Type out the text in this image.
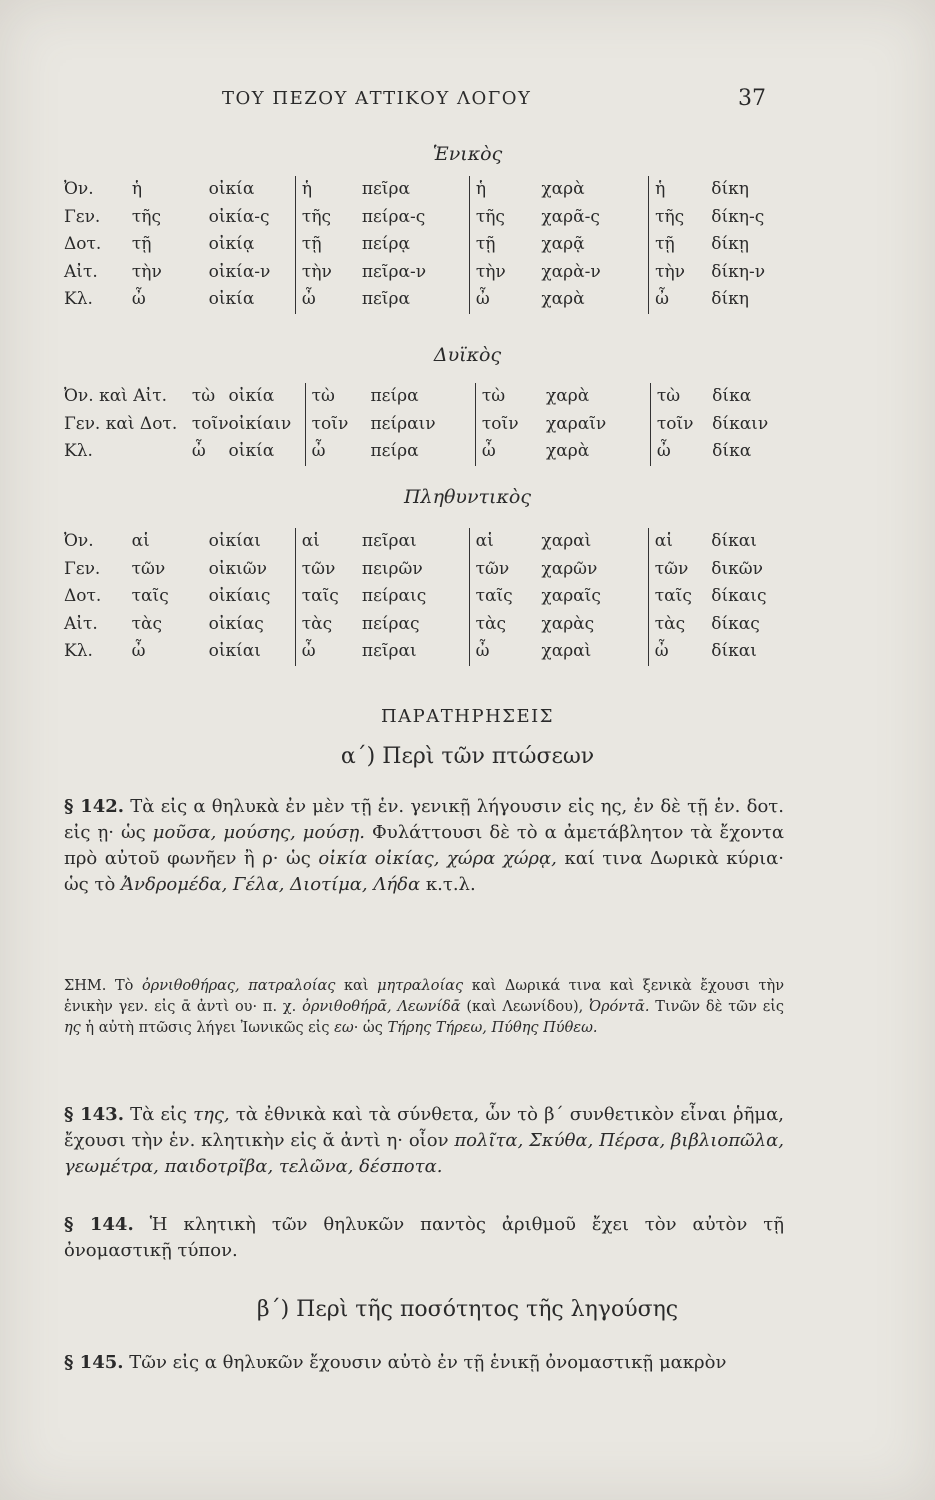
ΤΟΥ ΠΕΖΟΥ ΑΤΤΙΚΟΥ ΛΟΓΟΥ	37
Ἑνικὸς
Ὀν.	ἡ	οἰκία	ἡ	πεῖρα	ἡ	χαρὰ	ἡ	δίκη
Γεν.	τῆς	οἰκία-ς	τῆς	πείρα-ς	τῆς	χαρᾶ-ς	τῆς	δίκη-ς
Δοτ.	τῇ	οἰκίᾳ	τῇ	πείρᾳ	τῇ	χαρᾷ	τῇ	δίκῃ
Αἰτ.	τὴν	οἰκία-ν	τὴν	πεῖρα-ν	τὴν	χαρὰ-ν	τὴν	δίκη-ν
Κλ.	ὦ	οἰκία	ὦ	πεῖρα	ὦ	χαρὰ	ὦ	δίκη
Δυϊκὸς
Ὀν. καὶ Αἰτ.	τὼ	οἰκία	τὼ	πείρα	τὼ	χαρὰ	τὼ	δίκα
Γεν. καὶ Δοτ.	τοῖν	οἰκίαιν	τοῖν	πείραιν	τοῖν	χαραῖν	τοῖν	δίκαιν
Κλ.	ὦ	οἰκία	ὦ	πείρα	ὦ	χαρὰ	ὦ	δίκα
Πληθυντικὸς
Ὀν.	αἱ	οἰκίαι	αἱ	πεῖραι	αἱ	χαραὶ	αἱ	δίκαι
Γεν.	τῶν	οἰκιῶν	τῶν	πειρῶν	τῶν	χαρῶν	τῶν	δικῶν
Δοτ.	ταῖς	οἰκίαις	ταῖς	πείραις	ταῖς	χαραῖς	ταῖς	δίκαις
Αἰτ.	τὰς	οἰκίας	τὰς	πείρας	τὰς	χαρὰς	τὰς	δίκας
Κλ.	ὦ	οἰκίαι	ὦ	πεῖραι	ὦ	χαραὶ	ὦ	δίκαι
ΠΑΡΑΤΗΡΗΣΕΙΣ
α΄) Περὶ τῶν πτώσεων
§ 142. Τὰ εἰς α θηλυκὰ ἐν μὲν τῇ ἑν. γενικῇ λήγουσιν εἰς ης, ἐν δὲ τῇ ἑν. δοτ. εἰς ῃ· ὡς μοῦσα, μούσης, μούσῃ. Φυλάττουσι δὲ τὸ α ἀμετάβλητον τὰ ἔχοντα πρὸ αὐτοῦ φωνῆεν ἢ ρ· ὡς οἰκία οἰκίας, χώρα χώρᾳ, καί τινα Δωρικὰ κύρια· ὡς τὸ Ἀνδρομέδα, Γέλα, Διοτίμα, Λήδα κ.τ.λ.
ΣΗΜ. Τὸ ὀρνιθοθήρας, πατραλοίας καὶ μητραλοίας καὶ Δωρικά τινα καὶ ξενικὰ ἔχουσι τὴν ἑνικὴν γεν. εἰς ᾱ ἀντὶ ου· π. χ. ὀρνιθοθήρᾱ, Λεωνίδᾱ (καὶ Λεωνίδου), Ὀρόντᾱ. Τινῶν δὲ τῶν εἰς ης ἡ αὐτὴ πτῶσις λήγει Ἰωνικῶς εἰς εω· ὡς Τήρης Τήρεω, Πύθης Πύθεω.
§ 143. Τὰ εἰς της, τὰ ἐθνικὰ καὶ τὰ σύνθετα, ὧν τὸ β΄ συνθετικὸν εἶναι ῥῆμα, ἔχουσι τὴν ἑν. κλητικὴν εἰς ᾰ ἀντὶ η· οἷον πολῖτα, Σκύθα, Πέρσα, βιβλιοπῶλα, γεωμέτρα, παιδοτρῖβα, τελῶνα, δέσποτα.
§ 144. Ἡ κλητικὴ τῶν θηλυκῶν παντὸς ἀριθμοῦ ἔχει τὸν αὐτὸν τῇ ὀνομαστικῇ τύπον.
β΄) Περὶ τῆς ποσότητος τῆς ληγούσης
§ 145. Τῶν εἰς α θηλυκῶν ἔχουσιν αὐτὸ ἐν τῇ ἑνικῇ ὀνομαστικῇ μακρὸν
